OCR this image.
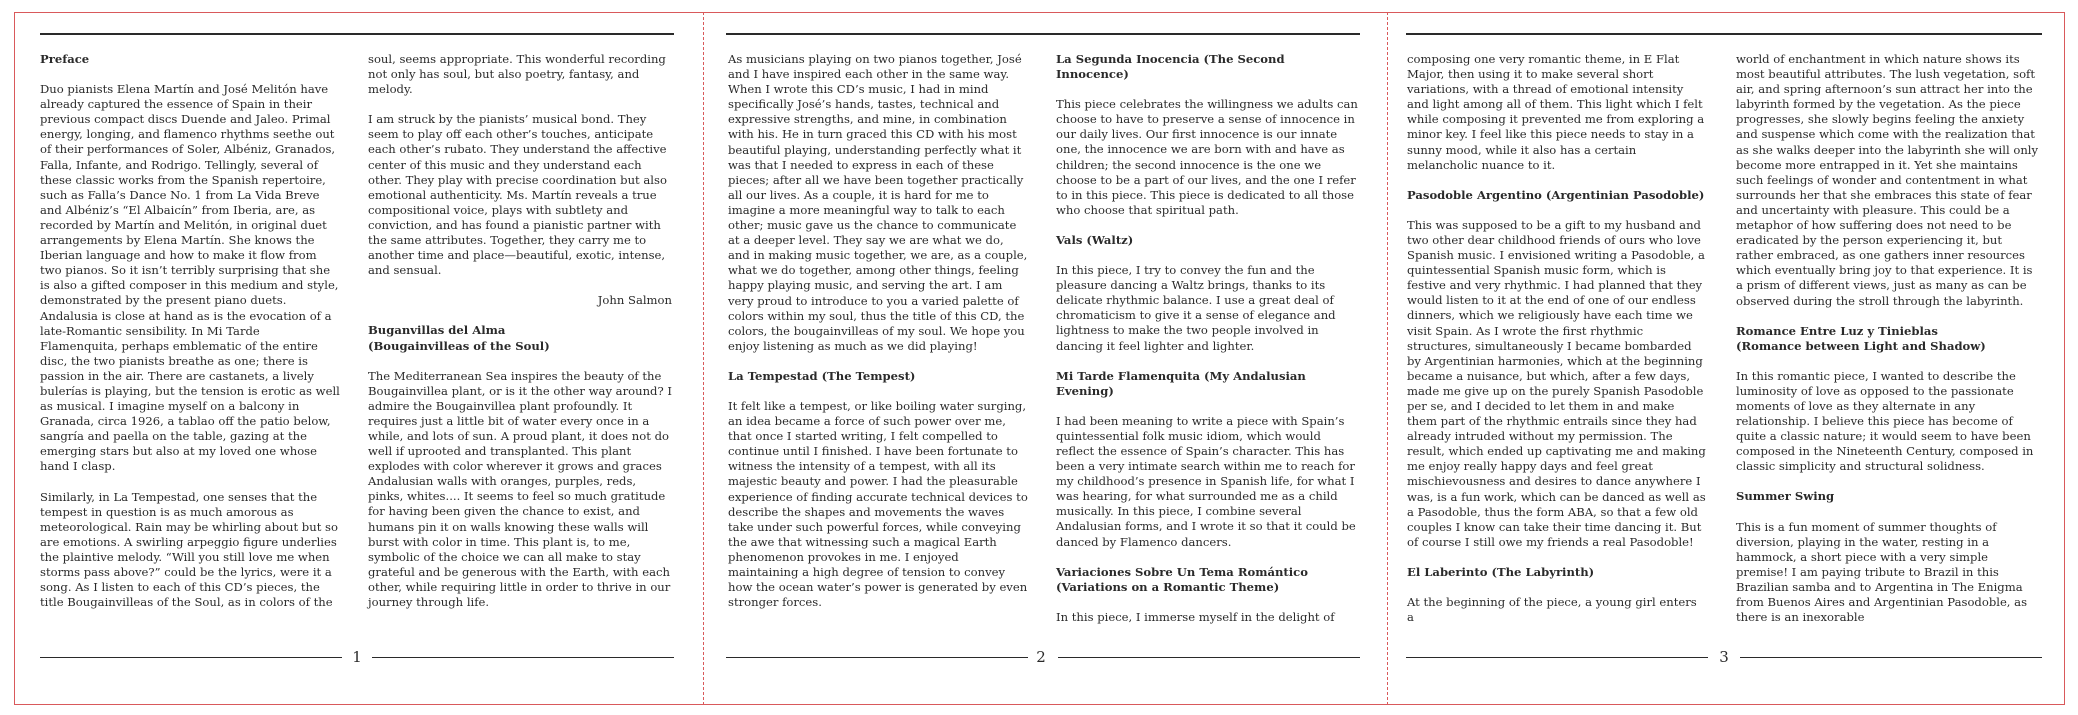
Preface

Duo pianists Elena Martín and José Melitón have already captured the essence of Spain in their previous compact discs Duende and Jaleo. Primal energy, longing, and flamenco rhythms seethe out of their performances of Soler, Albéniz, Granados, Falla, Infante, and Rodrigo. Tellingly, several of these classic works from the Spanish repertoire, such as Falla’s Dance No. 1 from La Vida Breve and Albéniz’s “El Albaicín” from Iberia, are, as recorded by Martín and Melitón, in original duet arrangements by Elena Martín. She knows the Iberian language and how to make it flow from two pianos. So it isn’t terribly surprising that she is also a gifted composer in this medium and style, demonstrated by the present piano duets. Andalusia is close at hand as is the evocation of a late-Romantic sensibility. In Mi Tarde Flamenquita, perhaps emblematic of the entire disc, the two pianists breathe as one; there is passion in the air. There are castanets, a lively bulerías is playing, but the tension is erotic as well as musical. I imagine myself on a balcony in Granada, circa 1926, a tablao off the patio below, sangría and paella on the table, gazing at the emerging stars but also at my loved one whose hand I clasp.

Similarly, in La Tempestad, one senses that the tempest in question is as much amorous as meteorological. Rain may be whirling about but so are emotions. A swirling arpeggio figure underlies the plaintive melody. “Will you still love me when storms pass above?” could be the lyrics, were it a song. As I listen to each of this CD’s pieces, the title Bougainvilleas of the Soul, as in colors of the

soul, seems appropriate. This wonderful recording not only has soul, but also poetry, fantasy, and melody.

I am struck by the pianists’ musical bond. They seem to play off each other’s touches, anticipate each other’s rubato. They understand the affective center of this music and they understand each other. They play with precise coordination but also emotional authenticity. Ms. Martín reveals a true compositional voice, plays with subtlety and conviction, and has found a pianistic partner with the same attributes. Together, they carry me to another time and place—beautiful, exotic, intense, and sensual.

John Salmon

Buganvillas del Alma
(Bougainvilleas of the Soul)

The Mediterranean Sea inspires the beauty of the Bougainvillea plant, or is it the other way around? I admire the Bougainvillea plant profoundly. It requires just a little bit of water every once in a while, and lots of sun. A proud plant, it does not do well if uprooted and transplanted. This plant explodes with color wherever it grows and graces Andalusian walls with oranges, purples, reds, pinks, whites.... It seems to feel so much gratitude for having been given the chance to exist, and humans pin it on walls knowing these walls will burst with color in time. This plant is, to me, symbolic of the choice we can all make to stay grateful and be generous with the Earth, with each other, while requiring little in order to thrive in our journey through life.

1

As musicians playing on two pianos together, José and I have inspired each other in the same way. When I wrote this CD’s music, I had in mind specifically José’s hands, tastes, technical and expressive strengths, and mine, in combination with his. He in turn graced this CD with his most beautiful playing, understanding perfectly what it was that I needed to express in each of these pieces; after all we have been together practically all our lives. As a couple, it is hard for me to imagine a more meaningful way to talk to each other; music gave us the chance to communicate at a deeper level. They say we are what we do, and in making music together, we are, as a couple, what we do together, among other things, feeling happy playing music, and serving the art. I am very proud to introduce to you a varied palette of colors within my soul, thus the title of this CD, the colors, the bougainvilleas of my soul. We hope you enjoy listening as much as we did playing!

La Tempestad (The Tempest)

It felt like a tempest, or like boiling water surging, an idea became a force of such power over me, that once I started writing, I felt compelled to continue until I finished. I have been fortunate to witness the intensity of a tempest, with all its majestic beauty and power. I had the pleasurable experience of finding accurate technical devices to describe the shapes and movements the waves take under such powerful forces, while conveying the awe that witnessing such a magical Earth phenomenon provokes in me. I enjoyed maintaining a high degree of tension to convey how the ocean water’s power is generated by even stronger forces.

La Segunda Inocencia (The Second Innocence)

This piece celebrates the willingness we adults can choose to have to preserve a sense of innocence in our daily lives. Our first innocence is our innate one, the innocence we are born with and have as children; the second innocence is the one we choose to be a part of our lives, and the one I refer to in this piece. This piece is dedicated to all those who choose that spiritual path.

Vals (Waltz)

In this piece, I try to convey the fun and the pleasure dancing a Waltz brings, thanks to its delicate rhythmic balance. I use a great deal of chromaticism to give it a sense of elegance and lightness to make the two people involved in dancing it feel lighter and lighter.

Mi Tarde Flamenquita (My Andalusian Evening)

I had been meaning to write a piece with Spain’s quintessential folk music idiom, which would reflect the essence of Spain’s character. This has been a very intimate search within me to reach for my childhood’s presence in Spanish life, for what I was hearing, for what surrounded me as a child musically. In this piece, I combine several Andalusian forms, and I wrote it so that it could be danced by Flamenco dancers.

Variaciones Sobre Un Tema Romántico
(Variations on a Romantic Theme)

In this piece, I immerse myself in the delight of

2

composing one very romantic theme, in E Flat Major, then using it to make several short variations, with a thread of emotional intensity and light among all of them. This light which I felt while composing it prevented me from exploring a minor key. I feel like this piece needs to stay in a sunny mood, while it also has a certain melancholic nuance to it.

Pasodoble Argentino (Argentinian Pasodoble)

This was supposed to be a gift to my husband and two other dear childhood friends of ours who love Spanish music. I envisioned writing a Pasodoble, a quintessential Spanish music form, which is festive and very rhythmic. I had planned that they would listen to it at the end of one of our endless dinners, which we religiously have each time we visit Spain. As I wrote the first rhythmic structures, simultaneously I became bombarded by Argentinian harmonies, which at the beginning became a nuisance, but which, after a few days, made me give up on the purely Spanish Pasodoble per se, and I decided to let them in and make them part of the rhythmic entrails since they had already intruded without my permission. The result, which ended up captivating me and making me enjoy really happy days and feel great mischievousness and desires to dance anywhere I was, is a fun work, which can be danced as well as a Pasodoble, thus the form ABA, so that a few old couples I know can take their time dancing it. But of course I still owe my friends a real Pasodoble!

El Laberinto (The Labyrinth)

At the beginning of the piece, a young girl enters a

world of enchantment in which nature shows its most beautiful attributes. The lush vegetation, soft air, and spring afternoon’s sun attract her into the labyrinth formed by the vegetation. As the piece progresses, she slowly begins feeling the anxiety and suspense which come with the realization that as she walks deeper into the labyrinth she will only become more entrapped in it. Yet she maintains such feelings of wonder and contentment in what surrounds her that she embraces this state of fear and uncertainty with pleasure. This could be a metaphor of how suffering does not need to be eradicated by the person experiencing it, but rather embraced, as one gathers inner resources which eventually bring joy to that experience. It is a prism of different views, just as many as can be observed during the stroll through the labyrinth.

Romance Entre Luz y Tinieblas
(Romance between Light and Shadow)

In this romantic piece, I wanted to describe the luminosity of love as opposed to the passionate moments of love as they alternate in any relationship. I believe this piece has become of quite a classic nature; it would seem to have been composed in the Nineteenth Century, composed in classic simplicity and structural solidness.

Summer Swing

This is a fun moment of summer thoughts of diversion, playing in the water, resting in a hammock, a short piece with a very simple premise! I am paying tribute to Brazil in this Brazilian samba and to Argentina in The Enigma from Buenos Aires and Argentinian Pasodoble, as there is an inexorable

3
